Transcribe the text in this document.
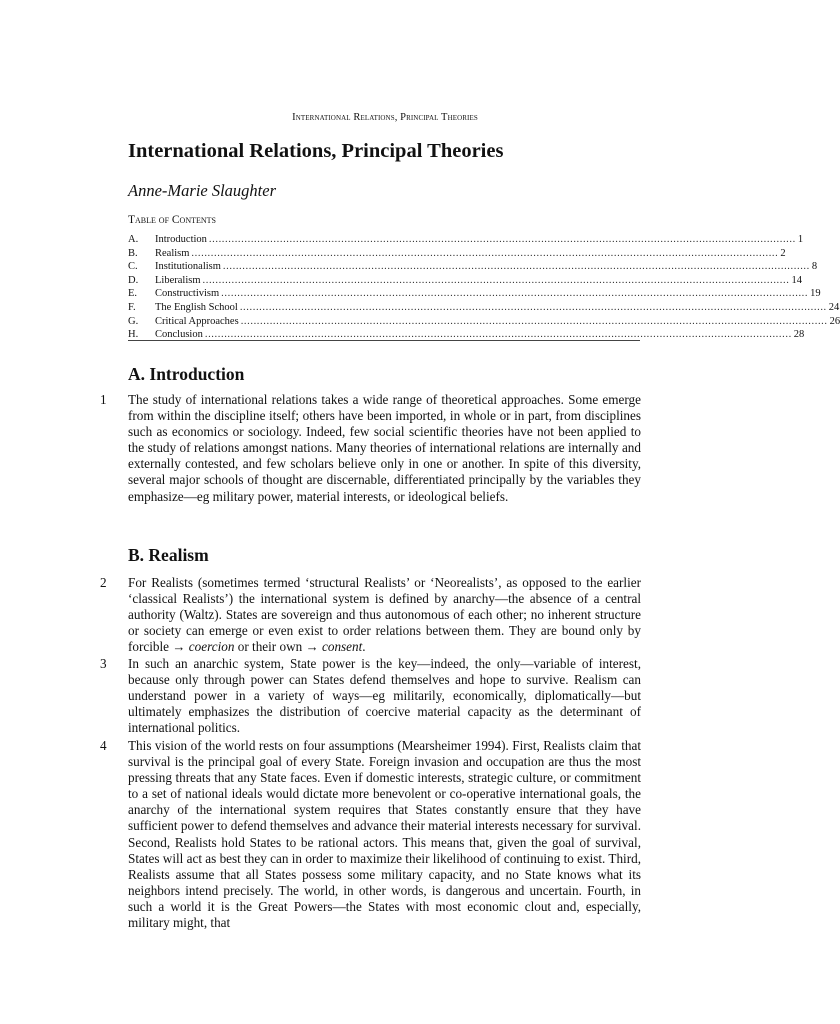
International Relations, Principal Theories
International Relations, Principal Theories

Anne-Marie Slaughter

Table of Contents
A.	Introduction ...................................................................................................................................................................................... 1
B.	Realism ...................................................................................................................................................................................... 2
C.	Institutionalism ...................................................................................................................................................................................... 8
D.	Liberalism ...................................................................................................................................................................................... 14
E.	Constructivism ...................................................................................................................................................................................... 19
F.	The English School ...................................................................................................................................................................................... 24
G.	Critical Approaches ...................................................................................................................................................................................... 26
H.	Conclusion ...................................................................................................................................................................................... 28
A. Introduction
1 The study of international relations takes a wide range of theoretical approaches. Some emerge from within the discipline itself; others have been imported, in whole or in part, from disciplines such as economics or sociology. Indeed, few social scientific theories have not been applied to the study of relations amongst nations. Many theories of international relations are internally and externally contested, and few scholars believe only in one or another. In spite of this diversity, several major schools of thought are discernable, differentiated principally by the variables they emphasize—eg military power, material interests, or ideological beliefs.

B. Realism
2 For Realists (sometimes termed ‘structural Realists’ or ‘Neorealists’, as opposed to the earlier ‘classical Realists’) the international system is defined by anarchy—the absence of a central authority (Waltz). States are sovereign and thus autonomous of each other; no inherent structure or society can emerge or even exist to order relations between them. They are bound only by forcible → coercion or their own → consent.

3 In such an anarchic system, State power is the key—indeed, the only—variable of interest, because only through power can States defend themselves and hope to survive. Realism can understand power in a variety of ways—eg militarily, economically, diplomatically—but ultimately emphasizes the distribution of coercive material capacity as the determinant of international politics.

4 This vision of the world rests on four assumptions (Mearsheimer 1994). First, Realists claim that survival is the principal goal of every State. Foreign invasion and occupation are thus the most pressing threats that any State faces. Even if domestic interests, strategic culture, or commitment to a set of national ideals would dictate more benevolent or co-operative international goals, the anarchy of the international system requires that States constantly ensure that they have sufficient power to defend themselves and advance their material interests necessary for survival. Second, Realists hold States to be rational actors. This means that, given the goal of survival, States will act as best they can in order to maximize their likelihood of continuing to exist. Third, Realists assume that all States possess some military capacity, and no State knows what its neighbors intend precisely. The world, in other words, is dangerous and uncertain. Fourth, in such a world it is the Great Powers—the States with most economic clout and, especially, military might, that
